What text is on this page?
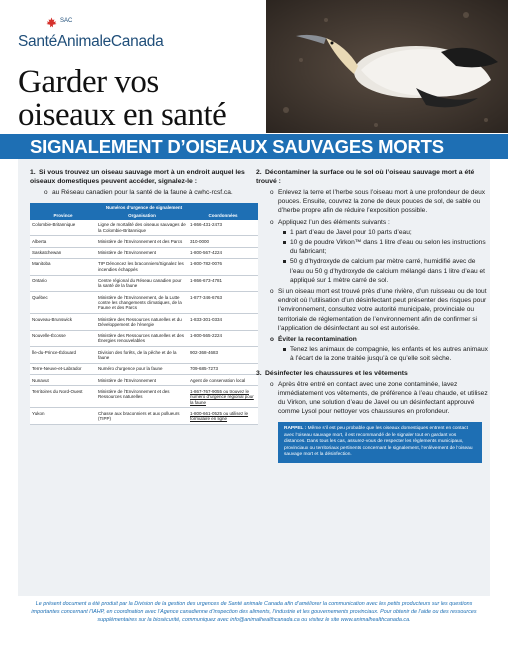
SAC
SantéAnimaleCanada
Garder vos
oiseaux en santé
SIGNALEMENT D’OISEAUX SAUVAGES MORTS
1. Si vous trouvez un oiseau sauvage mort à un endroit auquel les oiseaux domestiques peuvent accéder, signalez-le :
o au Réseau canadien pour la santé de la faune à cwhc-rcsf.ca.
Numéros d’urgence de signalement		
Province	Organisation	Coordonnées
Colombie-Britannique	Ligne de mortalité des oiseaux sauvages de la Colombie-Britannique	1-866-431-2473
Alberta	Ministère de l’Environnement et des Parcs	310-0000
Saskatchewan	Ministère de l’Environnement	1-800-567-4224
Manitoba	TIP Dénoncez les braconniers/Signalez les incendies échappés	1-800-782-0076
Ontario	Centre régional du Réseau canadien pour la santé de la faune	1-866-673-4781
Québec	Ministère de l’Environnement, de la Lutte contre les changements climatiques, de la Faune et des Parcs	1-877-346-6763
Nouveau-Brunswick	Ministère des Ressources naturelles et du Développement de l’énergie	1-833-301-0334
Nouvelle-Écosse	Ministère des Ressources naturelles et des Énergies renouvelables	1-800-565-2224
Île-du-Prince-Édouard	Division des forêts, de la pêche et de la faune	902-368-4683
Terre-Neuve-et-Labrador	Numéro d’urgence pour la faune	709-685-7273
Nunavut	Ministère de l’Environnement	Agent de conservation local
Territoires du Nord-Ouest	Ministère de l’Environnement et des Ressources naturelles	1-867-767-9055 ou trouvez le numéro d’urgence régional pour la faune
Yukon	Chasse aux braconniers et aux pollueurs (TIPP)	1-800-661-0525 ou utilisez le formulaire en ligne
2. Décontaminer la surface ou le sol où l’oiseau sauvage mort a été trouvé :
o Enlevez la terre et l’herbe sous l’oiseau mort à une profondeur de deux pouces. Ensuite, couvrez la zone de deux pouces de sol, de sable ou d’herbe propre afin de réduire l’exposition possible.
o Appliquez l’un des éléments suivants :
1 part d’eau de Javel pour 10 parts d’eau;
10 g de poudre Virkon™ dans 1 litre d’eau ou selon les instructions du fabricant;
50 g d’hydroxyde de calcium par mètre carré, humidifié avec de l’eau ou 50 g d’hydroxyde de calcium mélangé dans 1 litre d’eau et appliqué sur 1 mètre carré de sol.
o Si un oiseau mort est trouvé près d’une rivière, d’un ruisseau ou de tout endroit où l’utilisation d’un désinfectant peut présenter des risques pour l’environnement, consultez votre autorité municipale, provinciale ou territoriale de réglementation de l’environnement afin de confirmer si l’application de désinfectant au sol est autorisée.
o Éviter la recontamination
Tenez les animaux de compagnie, les enfants et les autres animaux à l’écart de la zone traitée jusqu’à ce qu’elle soit sèche.
3. Désinfecter les chaussures et les vêtements
o Après être entré en contact avec une zone contaminée, lavez immédiatement vos vêtements, de préférence à l’eau chaude, et utilisez du Virkon, une solution d’eau de Javel ou un désinfectant approuvé comme Lysol pour nettoyer vos chaussures en profondeur.
RAPPEL : Même s’il est peu probable que les oiseaux domestiques entrent en contact avec l’oiseau sauvage mort, il est recommandé de le signaler tout en gardant vos distances. Dans tous les cas, assurez-vous de respecter les règlements municipaux, provinciaux ou territoriaux pertinents concernant le signalement, l’enlèvement de l’oiseau sauvage mort et la désinfection.
Le présent document a été produit par la Division de la gestion des urgences de Santé animale Canada afin d’améliorer la communication avec les petits producteurs sur les questions importantes concernant l’IAHP, en coordination avec l’Agence canadienne d’inspection des aliments, l’industrie et les gouvernements provinciaux. Pour obtenir de l’aide ou des ressources supplémentaires sur la biosécurité, communiquez avec info@animalhealthcanada.ca ou visitez le site www.animalhealthcanada.ca.
